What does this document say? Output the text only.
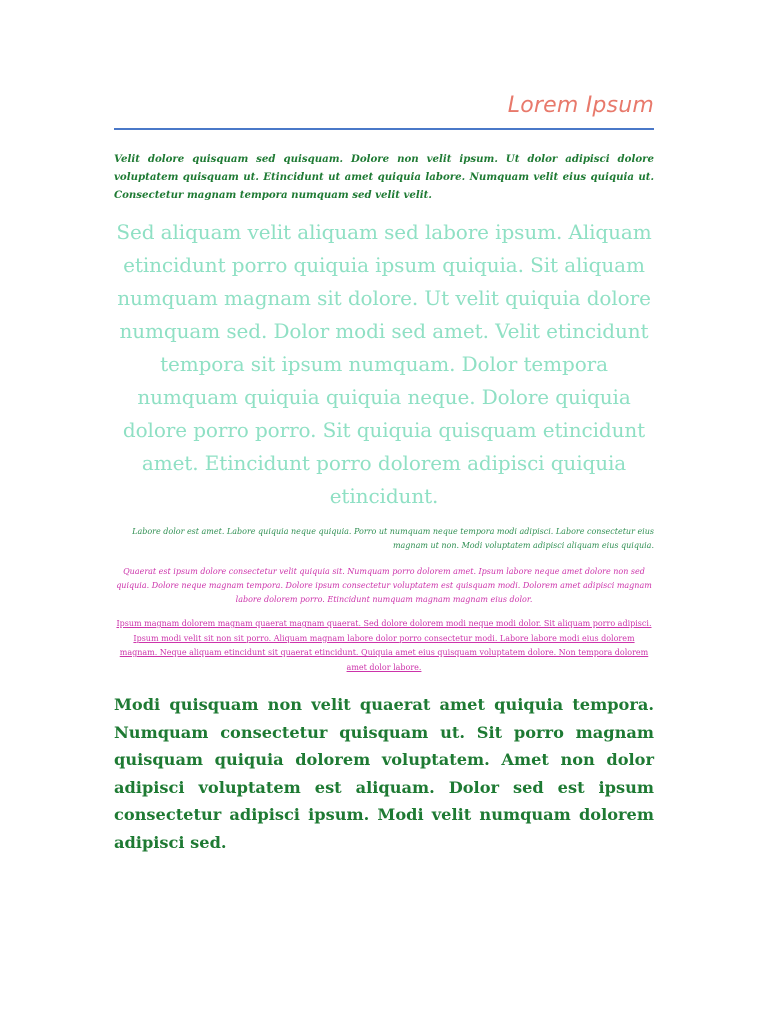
Lorem Ipsum

Velit dolore quisquam sed quisquam. Dolore non velit ipsum. Ut dolor adipisci dolore voluptatem quisquam ut. Etincidunt ut amet quiquia labore. Numquam velit eius quiquia ut. Consectetur magnam tempora numquam sed velit velit.

Sed aliquam velit aliquam sed labore ipsum. Aliquam etincidunt porro quiquia ipsum quiquia. Sit aliquam numquam magnam sit dolore. Ut velit quiquia dolore numquam sed. Dolor modi sed amet. Velit etincidunt tempora sit ipsum numquam. Dolor tempora numquam quiquia quiquia neque. Dolore quiquia dolore porro porro. Sit quiquia quisquam etincidunt amet. Etincidunt porro dolorem adipisci quiquia etincidunt.

Labore dolor est amet. Labore quiquia neque quiquia. Porro ut numquam neque tempora modi adipisci. Labore consectetur eius magnam ut non. Modi voluptatem adipisci aliquam eius quiquia.

Quaerat est ipsum dolore consectetur velit quiquia sit. Numquam porro dolorem amet. Ipsum labore neque amet dolore non sed quiquia. Dolore neque magnam tempora. Dolore ipsum consectetur voluptatem est quisquam modi. Dolorem amet adipisci magnam labore dolorem porro. Etincidunt numquam magnam magnam eius dolor.

Ipsum magnam dolorem magnam quaerat magnam quaerat. Sed dolore dolorem modi neque modi dolor. Sit aliquam porro adipisci. Ipsum modi velit sit non sit porro. Aliquam magnam labore dolor porro consectetur modi. Labore labore modi eius dolorem magnam. Neque aliquam etincidunt sit quaerat etincidunt. Quiquia amet eius quisquam voluptatem dolore. Non tempora dolorem amet dolor labore.

Modi quisquam non velit quaerat amet quiquia tempora. Numquam consectetur quisquam ut. Sit porro magnam quisquam quiquia dolorem voluptatem. Amet non dolor adipisci voluptatem est aliquam. Dolor sed est ipsum consectetur adipisci ipsum. Modi velit numquam dolorem adipisci sed.
